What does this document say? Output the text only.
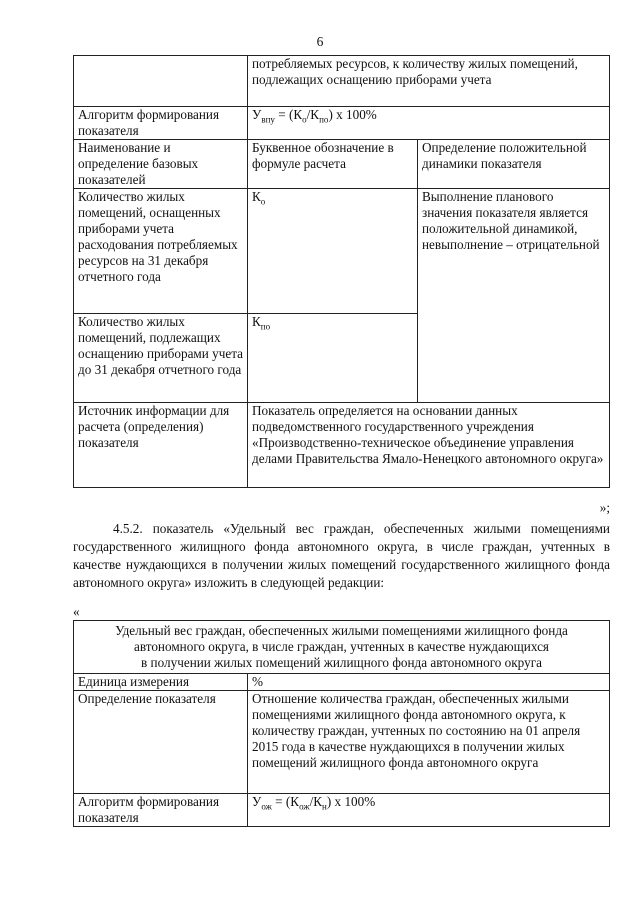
6
	потребляемых ресурсов, к количеству жилых помещений, подлежащих оснащению приборами учета	
Алгоритм формирования показателя	$У_{впу} = (К_о/К_{по})$ х 100%	
Наименование и определение базовых показателей	Буквенное обозначение в формуле расчета	Определение положительной динамики показателя
Количество жилых помещений, оснащенных приборами учета расходования потребляемых ресурсов на 31 декабря отчетного года	$К_о$	Выполнение планового значения показателя является положительной динамикой, невыполнение – отрицательной
Количество жилых помещений, подлежащих оснащению приборами учета до 31 декабря отчетного года	$К_{по}$
Источник информации для расчета (определения) показателя	Показатель определяется на основании данных подведомственного государственного учреждения «Производственно-техническое объединение управления делами Правительства Ямало-Ненецкого автономного округа»	
»;
4.5.2. показатель «Удельный вес граждан, обеспеченных жилыми помещениями государственного жилищного фонда автономного округа, в числе граждан, учтенных в качестве нуждающихся в получении жилых помещений государственного жилищного фонда автономного округа» изложить в следующей редакции:
«
Удельный вес граждан, обеспеченных жилыми помещениями жилищного фонда
автономного округа, в числе граждан, учтенных в качестве нуждающихся
в получении жилых помещений жилищного фонда автономного округа	

Единица измерения	%
Определение показателя	Отношение количества граждан, обеспеченных жилыми помещениями жилищного фонда автономного округа, к количеству граждан, учтенных по состоянию на 01 апреля 2015 года в качестве нуждающихся в получении жилых помещений жилищного фонда автономного округа
Алгоритм формирования показателя	$У_{ож} = (К_{ож}/К_н)$ х 100%
